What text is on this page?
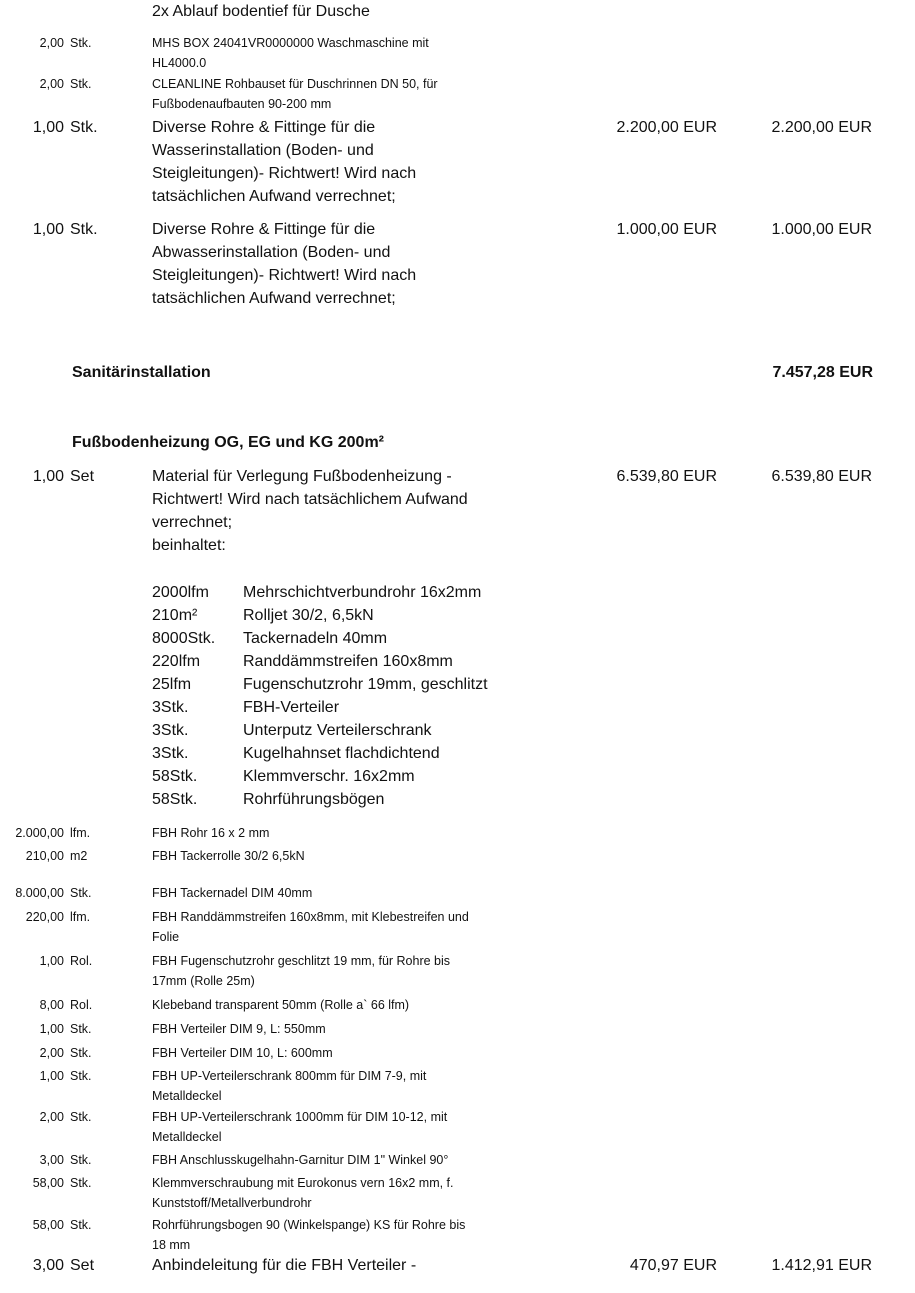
2x Ablauf bodentief für Dusche
2,00 Stk.	MHS BOX 24041VR0000000 Waschmaschine mit
HL4000.0
2,00 Stk.	CLEANLINE Rohbauset für Duschrinnen DN 50, für
Fußbodenaufbauten 90-200 mm
1,00 Stk.	Diverse Rohre & Fittinge für die
Wasserinstallation (Boden- und
Steigleitungen)- Richtwert! Wird nach
tatsächlichen Aufwand verrechnet;
2.200,00 EUR	2.200,00 EUR
1,00 Stk.	Diverse Rohre & Fittinge für die
Abwasserinstallation (Boden- und
Steigleitungen)- Richtwert! Wird nach
tatsächlichen Aufwand verrechnet;
1.000,00 EUR	1.000,00 EUR
Sanitärinstallation	7.457,28 EUR
Fußbodenheizung OG, EG und KG 200m²
1,00 Set	Material für Verlegung Fußbodenheizung -
Richtwert! Wird nach tatsächlichem Aufwand
verrechnet;
beinhaltet:
6.539,80 EUR	6.539,80 EUR
2000lfm	Mehrschichtverbundrohr 16x2mm
210m²	Rolljet 30/2, 6,5kN
8000Stk.	Tackernadeln 40mm
220lfm	Randdämmstreifen 160x8mm
25lfm	Fugenschutzrohr 19mm, geschlitzt
3Stk.	FBH-Verteiler
3Stk.	Unterputz Verteilerschrank
3Stk.	Kugelhahnset flachdichtend
58Stk.	Klemmverschr. 16x2mm
58Stk.	Rohrführungsbögen
2.000,00 lfm.	FBH Rohr 16 x 2 mm
210,00 m2	FBH Tackerrolle 30/2 6,5kN
8.000,00 Stk.	FBH Tackernadel DIM 40mm
220,00 lfm.	FBH Randdämmstreifen 160x8mm, mit Klebestreifen und
Folie
1,00 Rol.	FBH Fugenschutzrohr geschlitzt 19 mm, für Rohre bis
17mm (Rolle 25m)
8,00 Rol.	Klebeband transparent 50mm (Rolle a` 66 lfm)
1,00 Stk.	FBH Verteiler DIM 9, L: 550mm
2,00 Stk.	FBH Verteiler DIM 10, L: 600mm
1,00 Stk.	FBH UP-Verteilerschrank 800mm für DIM 7-9, mit
Metalldeckel
2,00 Stk.	FBH UP-Verteilerschrank 1000mm für DIM 10-12, mit
Metalldeckel
3,00 Stk.	FBH Anschlusskugelhahn-Garnitur DIM 1" Winkel 90°
58,00 Stk.	Klemmverschraubung mit Eurokonus vern 16x2 mm, f.
Kunststoff/Metallverbundrohr
58,00 Stk.	Rohrführungsbogen 90 (Winkelspange) KS für Rohre bis
18 mm
3,00 Set	Anbindeleitung für die FBH Verteiler -	470,97 EUR	1.412,91 EUR
